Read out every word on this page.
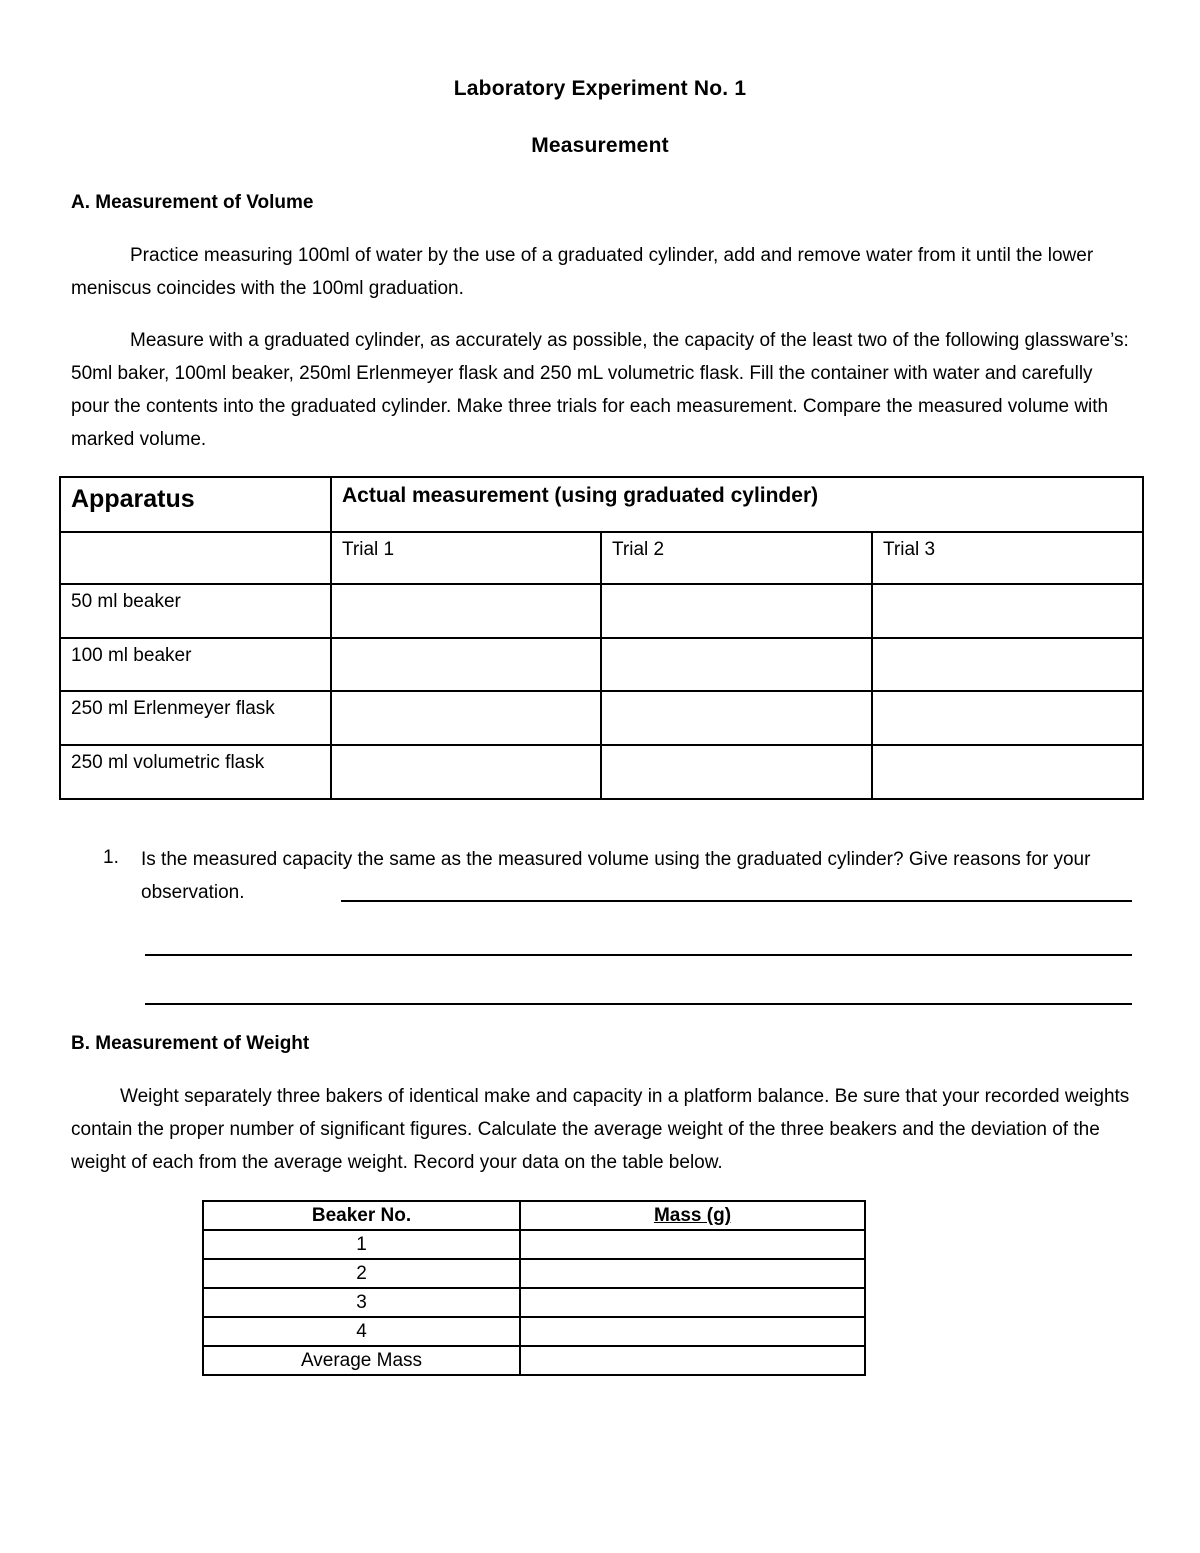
Laboratory Experiment No. 1
Measurement
A. Measurement of Volume

Practice measuring 100ml of water by the use of a graduated cylinder, add and remove water from it until the lower meniscus coincides with the 100ml graduation.

Measure with a graduated cylinder, as accurately as possible, the capacity of the least two of the following glassware’s: 50ml baker, 100ml beaker, 250ml Erlenmeyer flask and 250 mL volumetric flask. Fill the container with water and carefully pour the contents into the graduated cylinder. Make three trials for each measurement. Compare the measured volume with marked volume.

Apparatus	Actual measurement (using graduated cylinder)		
	Trial 1	Trial 2	Trial 3
50 ml beaker			
100 ml beaker			
250 ml Erlenmeyer flask			
250 ml volumetric flask			
1. Is the measured capacity the same as the measured volume using the graduated cylinder? Give reasons for your observation.

B. Measurement of Weight

Weight separately three bakers of identical make and capacity in a platform balance. Be sure that your recorded weights contain the proper number of significant figures. Calculate the average weight of the three beakers and the deviation of the weight of each from the average weight. Record your data on the table below.

Beaker No.	Mass (g)
1	
2	
3	
4	
Average Mass	
